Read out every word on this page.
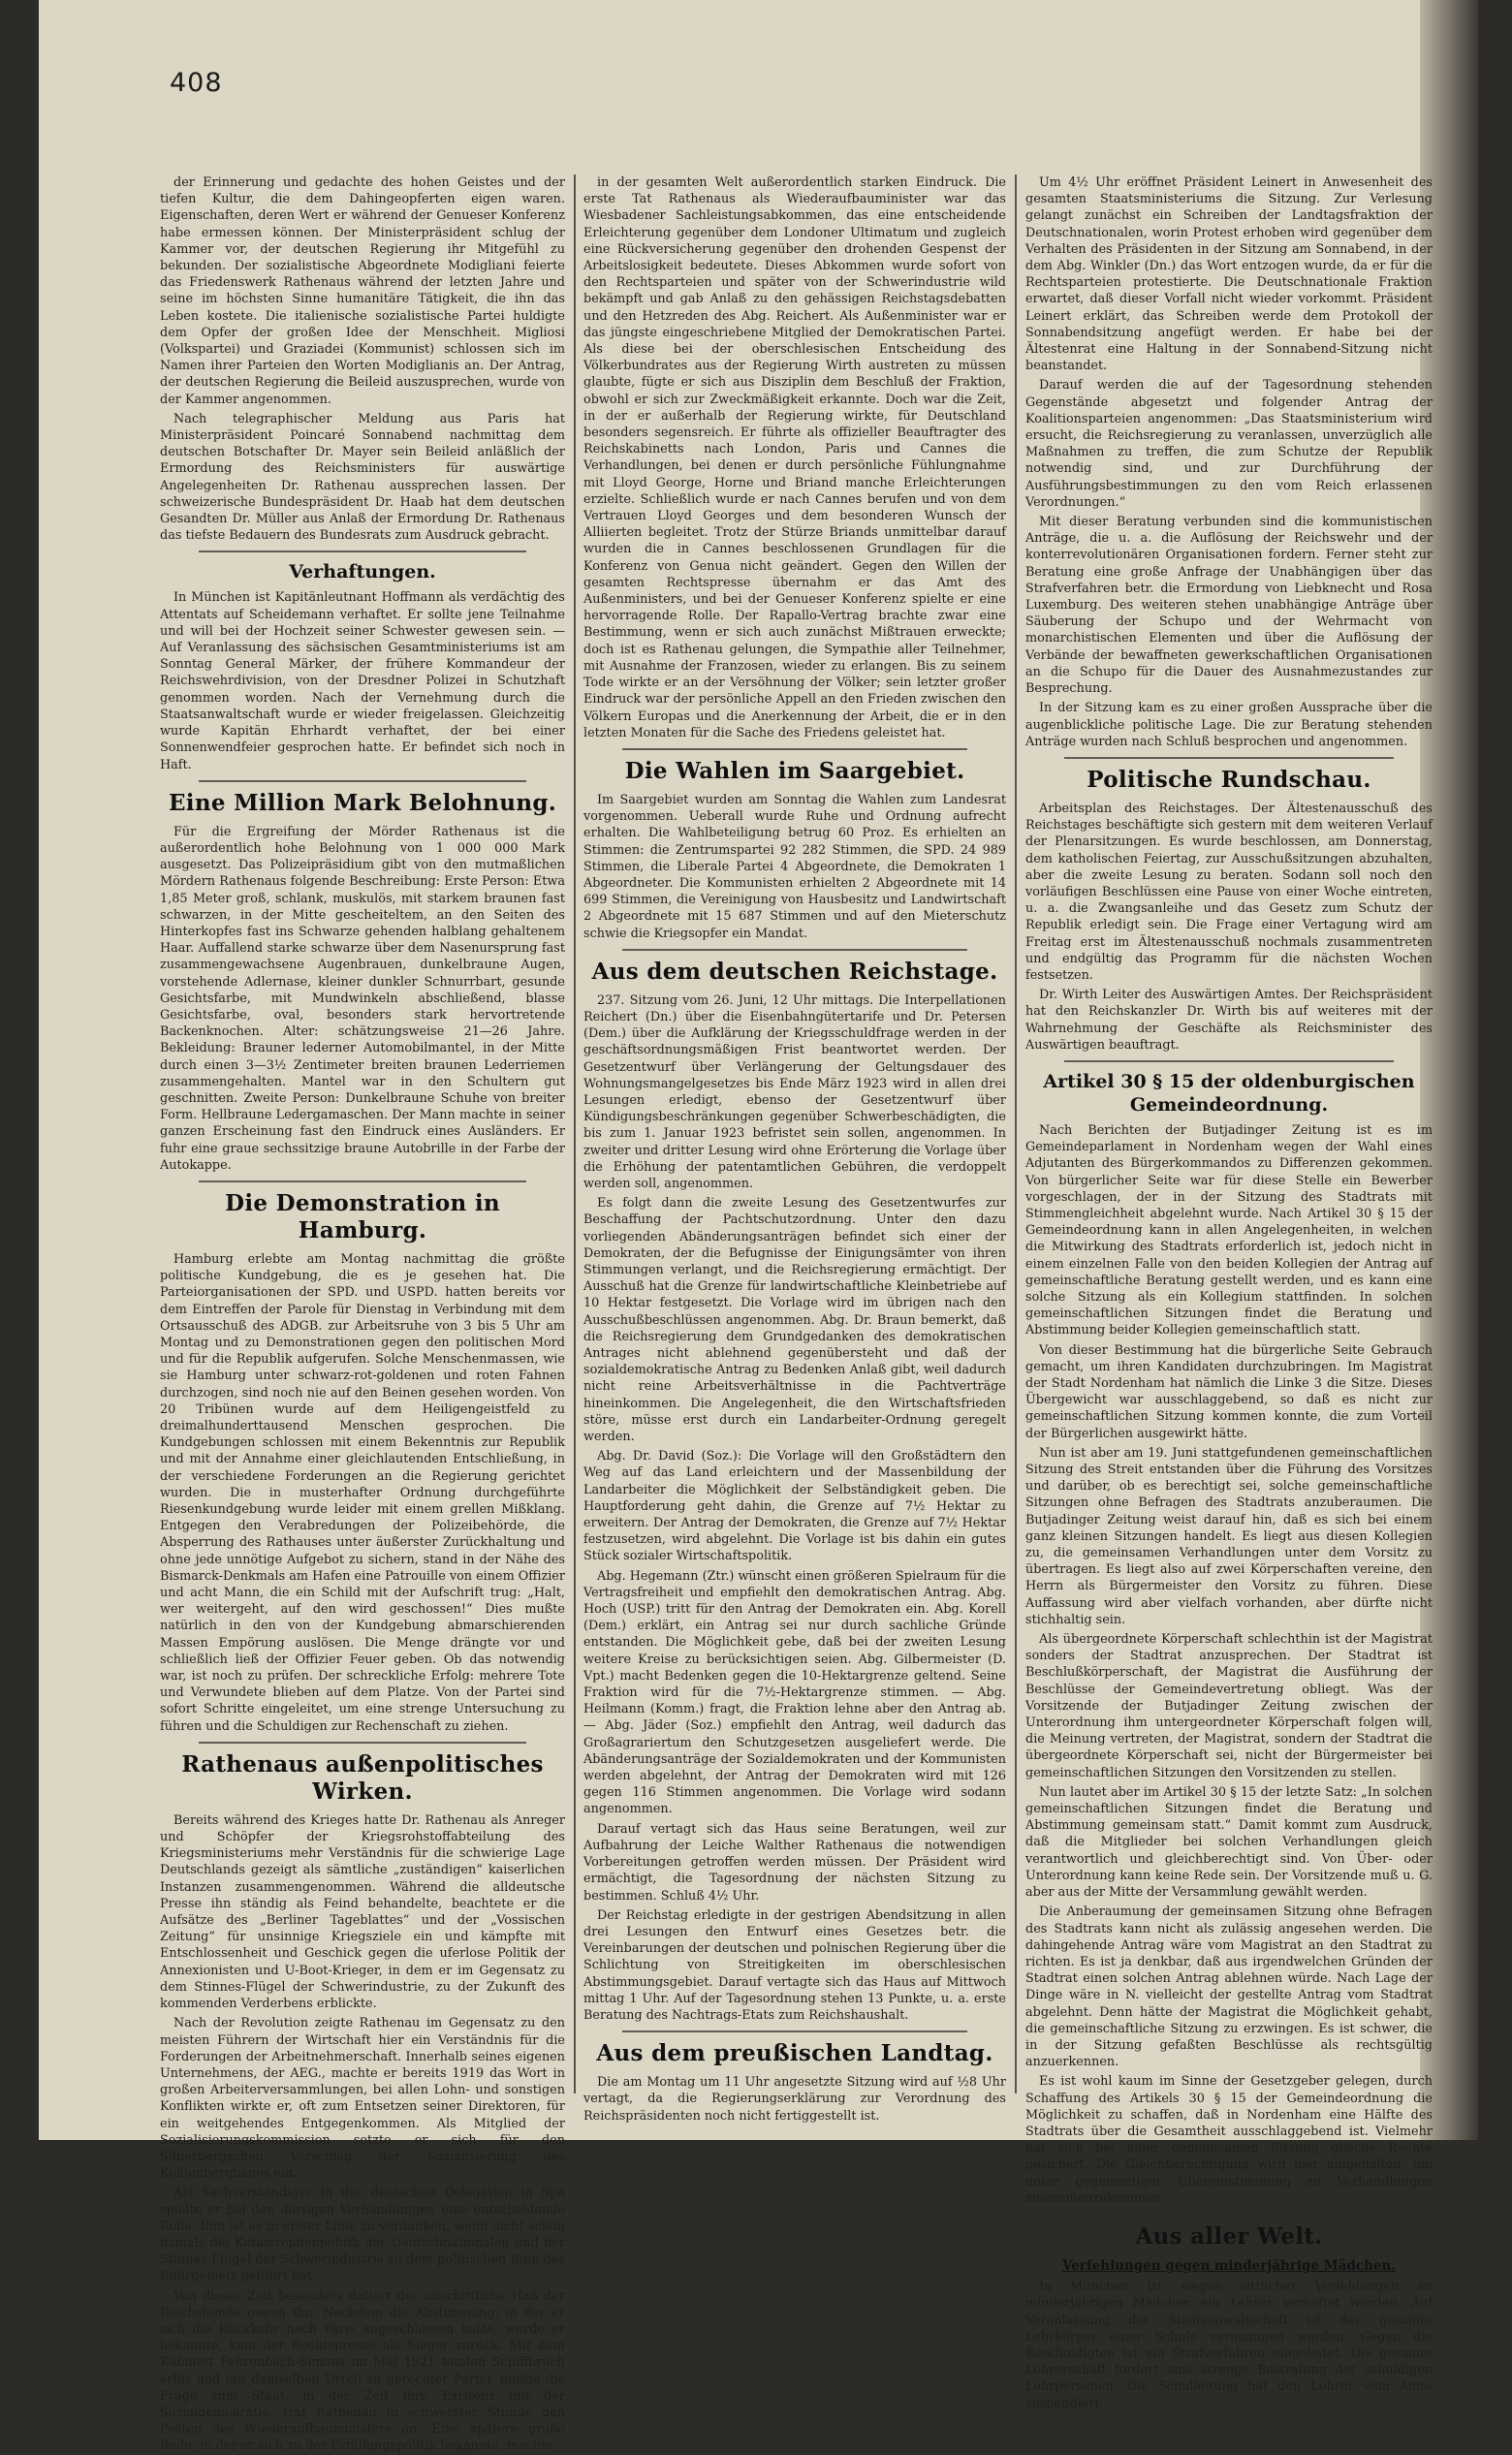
408

der Erinnerung und gedachte des hohen Geistes und der tiefen Kultur, die dem Dahingeopferten eigen waren. Eigenschaften, deren Wert er während der Genueser Konferenz habe ermessen können. Der Ministerpräsident schlug der Kammer vor, der deutschen Regierung ihr Mitgefühl zu bekunden. Der sozialistische Abgeordnete Modigliani feierte das Friedenswerk Rathenaus während der letzten Jahre und seine im höchsten Sinne humanitäre Tätigkeit, die ihn das Leben kostete. Die italienische sozialistische Partei huldigte dem Opfer der großen Idee der Menschheit. Migliosi (Volkspartei) und Graziadei (Kommunist) schlossen sich im Namen ihrer Parteien den Worten Modiglianis an. Der Antrag, der deutschen Regierung die Beileid auszusprechen, wurde von der Kammer angenommen.

Nach telegraphischer Meldung aus Paris hat Ministerpräsident Poincaré Sonnabend nachmittag dem deutschen Botschafter Dr. Mayer sein Beileid anläßlich der Ermordung des Reichsministers für auswärtige Angelegenheiten Dr. Rathenau aussprechen lassen. Der schweizerische Bundespräsident Dr. Haab hat dem deutschen Gesandten Dr. Müller aus Anlaß der Ermordung Dr. Rathenaus das tiefste Bedauern des Bundesrats zum Ausdruck gebracht.

Verhaftungen.

In München ist Kapitänleutnant Hoffmann als verdächtig des Attentats auf Scheidemann verhaftet. Er sollte jene Teilnahme und will bei der Hochzeit seiner Schwester gewesen sein. — Auf Veranlassung des sächsischen Gesamtministeriums ist am Sonntag General Märker, der frühere Kommandeur der Reichswehrdivision, von der Dresdner Polizei in Schutzhaft genommen worden. Nach der Vernehmung durch die Staatsanwaltschaft wurde er wieder freigelassen. Gleichzeitig wurde Kapitän Ehrhardt verhaftet, der bei einer Sonnenwendfeier gesprochen hatte. Er befindet sich noch in Haft.

Eine Million Mark Belohnung.

Für die Ergreifung der Mörder Rathenaus ist die außerordentlich hohe Belohnung von 1 000 000 Mark ausgesetzt. Das Polizeipräsidium gibt von den mutmaßlichen Mördern Rathenaus folgende Beschreibung: Erste Person: Etwa 1,85 Meter groß, schlank, muskulös, mit starkem braunen fast schwarzen, in der Mitte gescheiteltem, an den Seiten des Hinterkopfes fast ins Schwarze gehenden halblang gehaltenem Haar. Auffallend starke schwarze über dem Nasenursprung fast zusammengewachsene Augenbrauen, dunkelbraune Augen, vorstehende Adlernase, kleiner dunkler Schnurrbart, gesunde Gesichtsfarbe, mit Mundwinkeln abschließend, blasse Gesichtsfarbe, oval, besonders stark hervortretende Backenknochen. Alter: schätzungsweise 21—26 Jahre. Bekleidung: Brauner lederner Automobilmantel, in der Mitte durch einen 3—3½ Zentimeter breiten braunen Lederriemen zusammengehalten. Mantel war in den Schultern gut geschnitten. Zweite Person: Dunkelbraune Schuhe von breiter Form. Hellbraune Ledergamaschen. Der Mann machte in seiner ganzen Erscheinung fast den Eindruck eines Ausländers. Er fuhr eine graue sechssitzige braune Autobrille in der Farbe der Autokappe.

Die Demonstration in Hamburg.

Hamburg erlebte am Montag nachmittag die größte politische Kundgebung, die es je gesehen hat. Die Parteiorganisationen der SPD. und USPD. hatten bereits vor dem Eintreffen der Parole für Dienstag in Verbindung mit dem Ortsausschuß des ADGB. zur Arbeitsruhe von 3 bis 5 Uhr am Montag und zu Demonstrationen gegen den politischen Mord und für die Republik aufgerufen. Solche Menschenmassen, wie sie Hamburg unter schwarz-rot-goldenen und roten Fahnen durchzogen, sind noch nie auf den Beinen gesehen worden. Von 20 Tribünen wurde auf dem Heiligengeistfeld zu dreimalhunderttausend Menschen gesprochen. Die Kundgebungen schlossen mit einem Bekenntnis zur Republik und mit der Annahme einer gleichlautenden Entschließung, in der verschiedene Forderungen an die Regierung gerichtet wurden. Die in musterhafter Ordnung durchgeführte Riesenkundgebung wurde leider mit einem grellen Mißklang. Entgegen den Verabredungen der Polizeibehörde, die Absperrung des Rathauses unter äußerster Zurückhaltung und ohne jede unnötige Aufgebot zu sichern, stand in der Nähe des Bismarck-Denkmals am Hafen eine Patrouille von einem Offizier und acht Mann, die ein Schild mit der Aufschrift trug: „Halt, wer weitergeht, auf den wird geschossen!“ Dies mußte natürlich in den von der Kundgebung abmarschierenden Massen Empörung auslösen. Die Menge drängte vor und schließlich ließ der Offizier Feuer geben. Ob das notwendig war, ist noch zu prüfen. Der schreckliche Erfolg: mehrere Tote und Verwundete blieben auf dem Platze. Von der Partei sind sofort Schritte eingeleitet, um eine strenge Untersuchung zu führen und die Schuldigen zur Rechenschaft zu ziehen.

Rathenaus außenpolitisches Wirken.

Bereits während des Krieges hatte Dr. Rathenau als Anreger und Schöpfer der Kriegsrohstoffabteilung des Kriegsministeriums mehr Verständnis für die schwierige Lage Deutschlands gezeigt als sämtliche „zuständigen“ kaiserlichen Instanzen zusammengenommen. Während die alldeutsche Presse ihn ständig als Feind behandelte, beachtete er die Aufsätze des „Berliner Tageblattes“ und der „Vossischen Zeitung“ für unsinnige Kriegsziele ein und kämpfte mit Entschlossenheit und Geschick gegen die uferlose Politik der Annexionisten und U-Boot-Krieger, in dem er im Gegensatz zu dem Stinnes-Flügel der Schwerindustrie, zu der Zukunft des kommenden Verderbens erblickte.

Nach der Revolution zeigte Rathenau im Gegensatz zu den meisten Führern der Wirtschaft hier ein Verständnis für die Forderungen der Arbeitnehmerschaft. Innerhalb seines eigenen Unternehmens, der AEG., machte er bereits 1919 das Wort in großen Arbeiterversammlungen, bei allen Lohn- und sonstigen Konflikten wirkte er, oft zum Entsetzen seiner Direktoren, für ein weitgehendes Entgegenkommen. Als Mitglied der Sozialisierungskommission setzte er sich für den Silberbergschen Vorschlag der Sozialisierung des Kohlenbergbaues ein.

Als Sachverständiger in der deutschen Delegation in Spa spielte er bei den dortigen Verhandlungen eine entscheidende Rolle. Ihm ist es in erster Linie zu verdanken, wenn nicht schon damals die Katastrophenpolitik der Deutschnationalen und der Stinnes-Flügel der Schwerindustrie zu dem politischen Ruin des Ruhrgebiets geführt hat.

Von dieser Zeit besonders datiert der unerbittliche Haß der Reichsfeinde gegen ihn. Nachdem die Abstimmung, in der er sich die Rückkehr nach Paris angeschlossen hatte, wurde er bekannte, kam der Rechtspresse als Sieger zurück. Mit dem Kabinett Fehrenbach-Simons im Mai 1921 totalen Schiffbruch erlitt und mit demselben Urteil zu gerechter Partei, mußte die Frage zum Staat, in der Zeit ihre Existenz mit der Sozialdemokratie, trat Rathenau in schwerster Stunde den Posten des Wiederaufbauministers an. Eine spätere große Rede, in der er sich zu der Erfüllungspolitik bekannte, machte

in der gesamten Welt außerordentlich starken Eindruck. Die erste Tat Rathenaus als Wiederaufbauminister war das Wiesbadener Sachleistungsabkommen, das eine entscheidende Erleichterung gegenüber dem Londoner Ultimatum und zugleich eine Rückversicherung gegenüber den drohenden Gespenst der Arbeitslosigkeit bedeutete. Dieses Abkommen wurde sofort von den Rechtsparteien und später von der Schwerindustrie wild bekämpft und gab Anlaß zu den gehässigen Reichstagsdebatten und den Hetzreden des Abg. Reichert. Als Außenminister war er das jüngste eingeschriebene Mitglied der Demokratischen Partei. Als diese bei der oberschlesischen Entscheidung des Völkerbundrates aus der Regierung Wirth austreten zu müssen glaubte, fügte er sich aus Disziplin dem Beschluß der Fraktion, obwohl er sich zur Zweckmäßigkeit erkannte. Doch war die Zeit, in der er außerhalb der Regierung wirkte, für Deutschland besonders segensreich. Er führte als offizieller Beauftragter des Reichskabinetts nach London, Paris und Cannes die Verhandlungen, bei denen er durch persönliche Fühlungnahme mit Lloyd George, Horne und Briand manche Erleichterungen erzielte. Schließlich wurde er nach Cannes berufen und von dem Vertrauen Lloyd Georges und dem besonderen Wunsch der Alliierten begleitet. Trotz der Stürze Briands unmittelbar darauf wurden die in Cannes beschlossenen Grundlagen für die Konferenz von Genua nicht geändert. Gegen den Willen der gesamten Rechtspresse übernahm er das Amt des Außenministers, und bei der Genueser Konferenz spielte er eine hervorragende Rolle. Der Rapallo-Vertrag brachte zwar eine Bestimmung, wenn er sich auch zunächst Mißtrauen erweckte; doch ist es Rathenau gelungen, die Sympathie aller Teilnehmer, mit Ausnahme der Franzosen, wieder zu erlangen. Bis zu seinem Tode wirkte er an der Versöhnung der Völker; sein letzter großer Eindruck war der persönliche Appell an den Frieden zwischen den Völkern Europas und die Anerkennung der Arbeit, die er in den letzten Monaten für die Sache des Friedens geleistet hat.

Die Wahlen im Saargebiet.

Im Saargebiet wurden am Sonntag die Wahlen zum Landesrat vorgenommen. Ueberall wurde Ruhe und Ordnung aufrecht erhalten. Die Wahlbeteiligung betrug 60 Proz. Es erhielten an Stimmen: die Zentrumspartei 92 282 Stimmen, die SPD. 24 989 Stimmen, die Liberale Partei 4 Abgeordnete, die Demokraten 1 Abgeordneter. Die Kommunisten erhielten 2 Abgeordnete mit 14 699 Stimmen, die Vereinigung von Hausbesitz und Landwirtschaft 2 Abgeordnete mit 15 687 Stimmen und auf den Mieterschutz schwie die Kriegsopfer ein Mandat.

Aus dem deutschen Reichstage.

237. Sitzung vom 26. Juni, 12 Uhr mittags. Die Interpellationen Reichert (Dn.) über die Eisenbahngütertarife und Dr. Petersen (Dem.) über die Aufklärung der Kriegsschuldfrage werden in der geschäftsordnungsmäßigen Frist beantwortet werden. Der Gesetzentwurf über Verlängerung der Geltungsdauer des Wohnungsmangelgesetzes bis Ende März 1923 wird in allen drei Lesungen erledigt, ebenso der Gesetzentwurf über Kündigungsbeschränkungen gegenüber Schwerbeschädigten, die bis zum 1. Januar 1923 befristet sein sollen, angenommen. In zweiter und dritter Lesung wird ohne Erörterung die Vorlage über die Erhöhung der patentamtlichen Gebühren, die verdoppelt werden soll, angenommen.

Es folgt dann die zweite Lesung des Gesetzentwurfes zur Beschaffung der Pachtschutzordnung. Unter den dazu vorliegenden Abänderungsanträgen befindet sich einer der Demokraten, der die Befugnisse der Einigungsämter von ihren Stimmungen verlangt, und die Reichsregierung ermächtigt. Der Ausschuß hat die Grenze für landwirtschaftliche Kleinbetriebe auf 10 Hektar festgesetzt. Die Vorlage wird im übrigen nach den Ausschußbeschlüssen angenommen. Abg. Dr. Braun bemerkt, daß die Reichsregierung dem Grundgedanken des demokratischen Antrages nicht ablehnend gegenübersteht und daß der sozialdemokratische Antrag zu Bedenken Anlaß gibt, weil dadurch nicht reine Arbeitsverhältnisse in die Pachtverträge hineinkommen. Die Angelegenheit, die den Wirtschaftsfrieden störe, müsse erst durch ein Landarbeiter-Ordnung geregelt werden.

Abg. Dr. David (Soz.): Die Vorlage will den Großstädtern den Weg auf das Land erleichtern und der Massenbildung der Landarbeiter die Möglichkeit der Selbständigkeit geben. Die Hauptforderung geht dahin, die Grenze auf 7½ Hektar zu erweitern. Der Antrag der Demokraten, die Grenze auf 7½ Hektar festzusetzen, wird abgelehnt. Die Vorlage ist bis dahin ein gutes Stück sozialer Wirtschaftspolitik.

Abg. Hegemann (Ztr.) wünscht einen größeren Spielraum für die Vertragsfreiheit und empfiehlt den demokratischen Antrag. Abg. Hoch (USP.) tritt für den Antrag der Demokraten ein. Abg. Korell (Dem.) erklärt, ein Antrag sei nur durch sachliche Gründe entstanden. Die Möglichkeit gebe, daß bei der zweiten Lesung weitere Kreise zu berücksichtigen seien. Abg. Gilbermeister (D. Vpt.) macht Bedenken gegen die 10-Hektargrenze geltend. Seine Fraktion wird für die 7½-Hektargrenze stimmen. — Abg. Heilmann (Komm.) fragt, die Fraktion lehne aber den Antrag ab. — Abg. Jäder (Soz.) empfiehlt den Antrag, weil dadurch das Großagrariertum den Schutzgesetzen ausgeliefert werde. Die Abänderungsanträge der Sozialdemokraten und der Kommunisten werden abgelehnt, der Antrag der Demokraten wird mit 126 gegen 116 Stimmen angenommen. Die Vorlage wird sodann angenommen.

Darauf vertagt sich das Haus seine Beratungen, weil zur Aufbahrung der Leiche Walther Rathenaus die notwendigen Vorbereitungen getroffen werden müssen. Der Präsident wird ermächtigt, die Tagesordnung der nächsten Sitzung zu bestimmen. Schluß 4½ Uhr.

Der Reichstag erledigte in der gestrigen Abendsitzung in allen drei Lesungen den Entwurf eines Gesetzes betr. die Vereinbarungen der deutschen und polnischen Regierung über die Schlichtung von Streitigkeiten im oberschlesischen Abstimmungsgebiet. Darauf vertagte sich das Haus auf Mittwoch mittag 1 Uhr. Auf der Tagesordnung stehen 13 Punkte, u. a. erste Beratung des Nachtrags-Etats zum Reichshaushalt.

Aus dem preußischen Landtag.

Die am Montag um 11 Uhr angesetzte Sitzung wird auf ½8 Uhr vertagt, da die Regierungserklärung zur Verordnung des Reichspräsidenten noch nicht fertiggestellt ist.

Um 4½ Uhr eröffnet Präsident Leinert in Anwesenheit des gesamten Staatsministeriums die Sitzung. Zur Verlesung gelangt zunächst ein Schreiben der Landtagsfraktion der Deutschnationalen, worin Protest erhoben wird gegenüber dem Verhalten des Präsidenten in der Sitzung am Sonnabend, in der dem Abg. Winkler (Dn.) das Wort entzogen wurde, da er für die Rechtsparteien protestierte. Die Deutschnationale Fraktion erwartet, daß dieser Vorfall nicht wieder vorkommt. Präsident Leinert erklärt, das Schreiben werde dem Protokoll der Sonnabendsitzung angefügt werden. Er habe bei der Ältestenrat eine Haltung in der Sonnabend-Sitzung nicht beanstandet.

Darauf werden die auf der Tagesordnung stehenden Gegenstände abgesetzt und folgender Antrag der Koalitionsparteien angenommen: „Das Staatsministerium wird ersucht, die Reichsregierung zu veranlassen, unverzüglich alle Maßnahmen zu treffen, die zum Schutze der Republik notwendig sind, und zur Durchführung der Ausführungsbestimmungen zu den vom Reich erlassenen Verordnungen.“

Mit dieser Beratung verbunden sind die kommunistischen Anträge, die u. a. die Auflösung der Reichswehr und der konterrevolutionären Organisationen fordern. Ferner steht zur Beratung eine große Anfrage der Unabhängigen über das Strafverfahren betr. die Ermordung von Liebknecht und Rosa Luxemburg. Des weiteren stehen unabhängige Anträge über Säuberung der Schupo und der Wehrmacht von monarchistischen Elementen und über die Auflösung der Verbände der bewaffneten gewerkschaftlichen Organisationen an die Schupo für die Dauer des Ausnahmezustandes zur Besprechung.

In der Sitzung kam es zu einer großen Aussprache über die augenblickliche politische Lage. Die zur Beratung stehenden Anträge wurden nach Schluß besprochen und angenommen.

Politische Rundschau.

Arbeitsplan des Reichstages. Der Ältestenausschuß des Reichstages beschäftigte sich gestern mit dem weiteren Verlauf der Plenarsitzungen. Es wurde beschlossen, am Donnerstag, dem katholischen Feiertag, zur Ausschußsitzungen abzuhalten, aber die zweite Lesung zu beraten. Sodann soll noch den vorläufigen Beschlüssen eine Pause von einer Woche eintreten, u. a. die Zwangsanleihe und das Gesetz zum Schutz der Republik erledigt sein. Die Frage einer Vertagung wird am Freitag erst im Ältestenausschuß nochmals zusammentreten und endgültig das Programm für die nächsten Wochen festsetzen.

Dr. Wirth Leiter des Auswärtigen Amtes. Der Reichspräsident hat den Reichskanzler Dr. Wirth bis auf weiteres mit der Wahrnehmung der Geschäfte als Reichsminister des Auswärtigen beauftragt.

Artikel 30 § 15 der oldenburgischen Gemeindeordnung.

Nach Berichten der Butjadinger Zeitung ist es im Gemeindeparlament in Nordenham wegen der Wahl eines Adjutanten des Bürgerkommandos zu Differenzen gekommen. Von bürgerlicher Seite war für diese Stelle ein Bewerber vorgeschlagen, der in der Sitzung des Stadtrats mit Stimmengleichheit abgelehnt wurde. Nach Artikel 30 § 15 der Gemeindeordnung kann in allen Angelegenheiten, in welchen die Mitwirkung des Stadtrats erforderlich ist, jedoch nicht in einem einzelnen Falle von den beiden Kollegien der Antrag auf gemeinschaftliche Beratung gestellt werden, und es kann eine solche Sitzung als ein Kollegium stattfinden. In solchen gemeinschaftlichen Sitzungen findet die Beratung und Abstimmung beider Kollegien gemeinschaftlich statt.

Von dieser Bestimmung hat die bürgerliche Seite Gebrauch gemacht, um ihren Kandidaten durchzubringen. Im Magistrat der Stadt Nordenham hat nämlich die Linke 3 die Sitze. Dieses Übergewicht war ausschlaggebend, so daß es nicht zur gemeinschaftlichen Sitzung kommen konnte, die zum Vorteil der Bürgerlichen ausgewirkt hätte.

Nun ist aber am 19. Juni stattgefundenen gemeinschaftlichen Sitzung des Streit entstanden über die Führung des Vorsitzes und darüber, ob es berechtigt sei, solche gemeinschaftliche Sitzungen ohne Befragen des Stadtrats anzuberaumen. Die Butjadinger Zeitung weist darauf hin, daß es sich bei einem ganz kleinen Sitzungen handelt. Es liegt aus diesen Kollegien zu, die gemeinsamen Verhandlungen unter dem Vorsitz zu übertragen. Es liegt also auf zwei Körperschaften vereine, den Herrn als Bürgermeister den Vorsitz zu führen. Diese Auffassung wird aber vielfach vorhanden, aber dürfte nicht stichhaltig sein.

Als übergeordnete Körperschaft schlechthin ist der Magistrat sonders der Stadtrat anzusprechen. Der Stadtrat ist Beschlußkörperschaft, der Magistrat die Ausführung der Beschlüsse der Gemeindevertretung obliegt. Was der Vorsitzende der Butjadinger Zeitung zwischen der Unterordnung ihm untergeordneter Körperschaft folgen will, die Meinung vertreten, der Magistrat, sondern der Stadtrat die übergeordnete Körperschaft sei, nicht der Bürgermeister bei gemeinschaftlichen Sitzungen den Vorsitzenden zu stellen.

Nun lautet aber im Artikel 30 § 15 der letzte Satz: „In solchen gemeinschaftlichen Sitzungen findet die Beratung und Abstimmung gemeinsam statt.“ Damit kommt zum Ausdruck, daß die Mitglieder bei solchen Verhandlungen gleich verantwortlich und gleichberechtigt sind. Von Über- oder Unterordnung kann keine Rede sein. Der Vorsitzende muß u. G. aber aus der Mitte der Versammlung gewählt werden.

Die Anberaumung der gemeinsamen Sitzung ohne Befragen des Stadtrats kann nicht als zulässig angesehen werden. Die dahingehende Antrag wäre vom Magistrat an den Stadtrat zu richten. Es ist ja denkbar, daß aus irgendwelchen Gründen der Stadtrat einen solchen Antrag ablehnen würde. Nach Lage der Dinge wäre in N. vielleicht der gestellte Antrag vom Stadtrat abgelehnt. Denn hätte der Magistrat die Möglichkeit gehabt, die gemeinschaftliche Sitzung zu erzwingen. Es ist schwer, die in der Sitzung gefaßten Beschlüsse als rechtsgültig anzuerkennen.

Es ist wohl kaum im Sinne der Gesetzgeber gelegen, durch Schaffung des Artikels 30 § 15 der Gemeindeordnung die Möglichkeit zu schaffen, daß in Nordenham eine Hälfte des Stadtrats über die Gesamtheit ausschlaggebend ist. Vielmehr hat sich bei einer gemeinsamen Sitzung gleiche Rechte gesichert. Die Gleichberechtigung wird hier eingehalten, um unter gegenseitiger Übereinstimmung zu Verhandlungen zusammenzukommen.

Aus aller Welt.
Verfehlungen gegen minderjährige Mädchen.

In München ist wegen sittlicher Verfehlungen an minderjährigen Mädchen ein Lehrer verhaftet worden. Auf Veranlassung der Staatsanwaltschaft ist der gesamte Lehrkörper einer Schule vernommen worden. Gegen die Beschuldigten ist ein Strafverfahren eingeleitet. Die gesamte Lehrerschaft fordert eine strenge Bestrafung der schuldigen Lehrpersonen. Die Schulleitung hat den Lehrer vom Amte suspendiert.
